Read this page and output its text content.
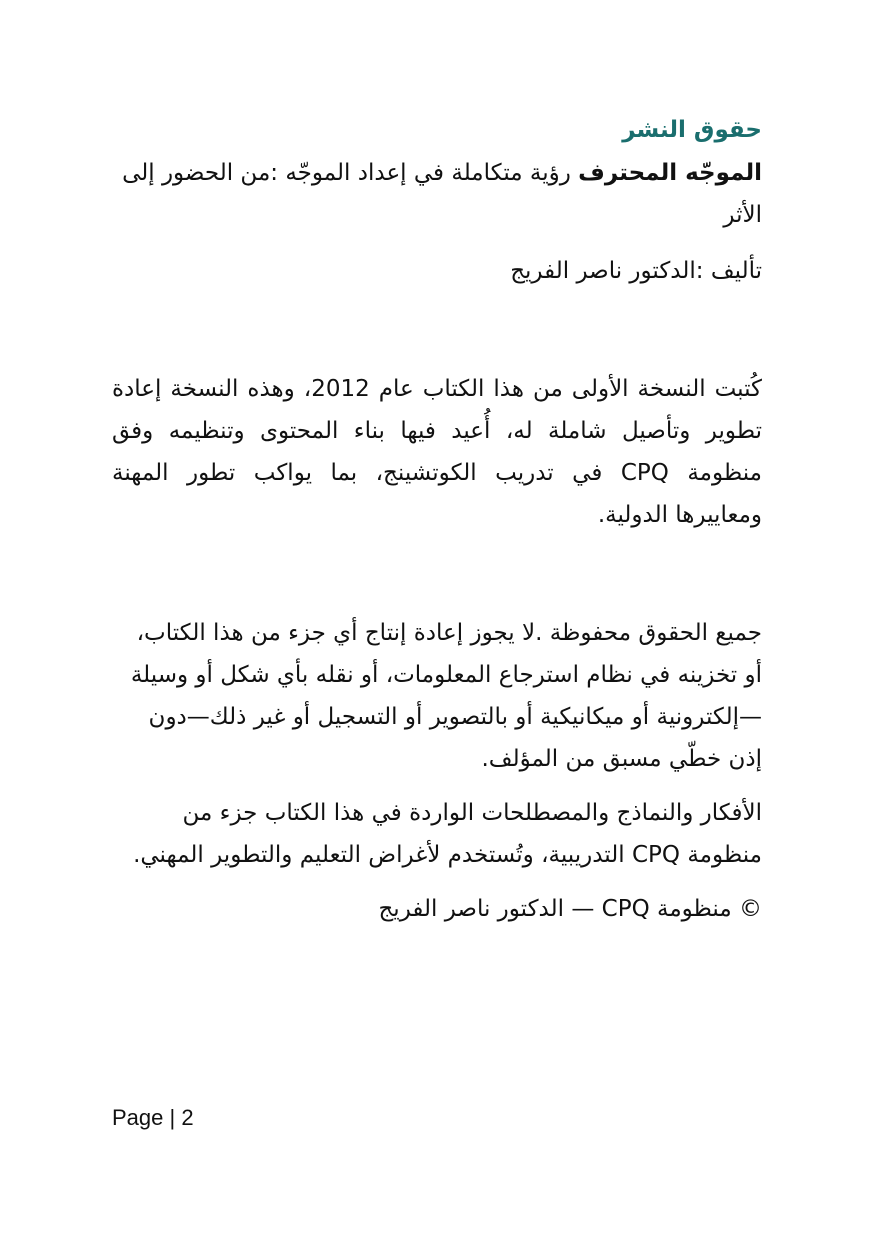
حقوق النشر

الموجّه المحترف رؤية متكاملة في إعداد الموجّه :من الحضور إلى الأثر

تأليف :الدكتور ناصر الفريج

كُتبت النسخة الأولى من هذا الكتاب عام 2012، وهذه النسخة إعادة تطوير وتأصيل شاملة له، أُعيد فيها بناء المحتوى وتنظيمه وفق منظومة CPQ في تدريب الكوتشينج، بما يواكب تطور المهنة ومعاييرها الدولية.

جميع الحقوق محفوظة .لا يجوز إعادة إنتاج أي جزء من هذا الكتاب، أو تخزينه في نظام استرجاع المعلومات، أو نقله بأي شكل أو وسيلة—إلكترونية أو ميكانيكية أو بالتصوير أو التسجيل أو غير ذلك—دون إذن خطّي مسبق من المؤلف.

الأفكار والنماذج والمصطلحات الواردة في هذا الكتاب جزء من منظومة CPQ التدريبية، وتُستخدم لأغراض التعليم والتطوير المهني.

© منظومة CPQ — الدكتور ناصر الفريج

Page | 2
